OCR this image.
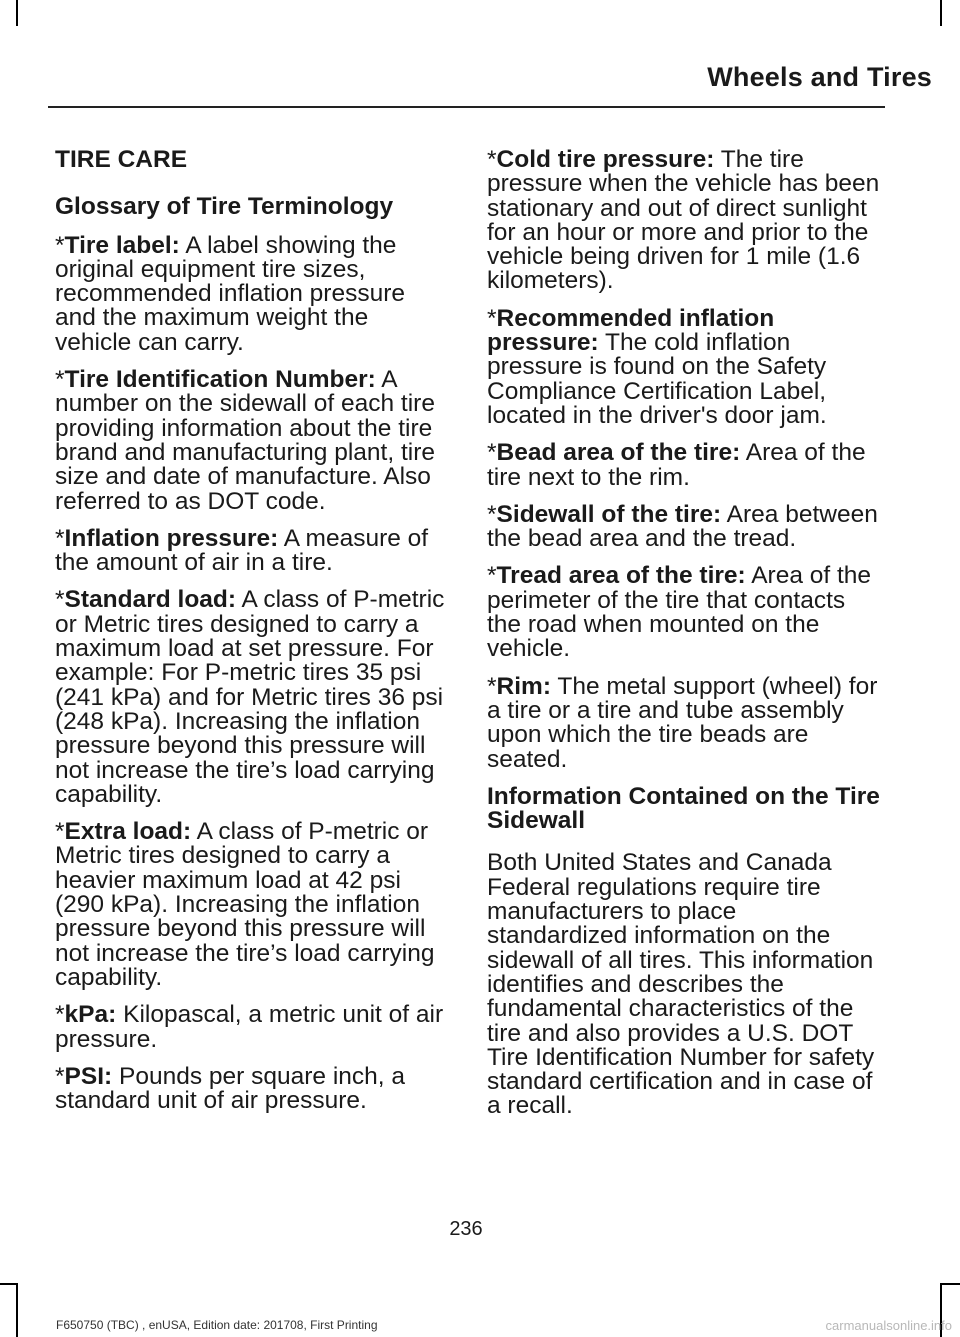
Wheels and Tires
TIRE CARE
Glossary of Tire Terminology

*Tire label: A label showing the original equipment tire sizes, recommended inflation pressure and the maximum weight the vehicle can carry.

*Tire Identification Number: A number on the sidewall of each tire providing information about the tire brand and manufacturing plant, tire size and date of manufacture. Also referred to as DOT code.

*Inflation pressure: A measure of the amount of air in a tire.

*Standard load: A class of P-metric or Metric tires designed to carry a maximum load at set pressure. For example: For P-metric tires 35 psi (241 kPa) and for Metric tires 36 psi (248 kPa). Increasing the inflation pressure beyond this pressure will not increase the tire’s load carrying capability.

*Extra load: A class of P-metric or Metric tires designed to carry a heavier maximum load at 42 psi (290 kPa). Increasing the inflation pressure beyond this pressure will not increase the tire’s load carrying capability.

*kPa: Kilopascal, a metric unit of air pressure.

*PSI: Pounds per square inch, a standard unit of air pressure.

*Cold tire pressure: The tire pressure when the vehicle has been stationary and out of direct sunlight for an hour or more and prior to the vehicle being driven for 1 mile (1.6 kilometers).

*Recommended inflation pressure: The cold inflation pressure is found on the Safety Compliance Certification Label, located in the driver's door jam.

*Bead area of the tire: Area of the tire next to the rim.

*Sidewall of the tire: Area between the bead area and the tread.

*Tread area of the tire: Area of the perimeter of the tire that contacts the road when mounted on the vehicle.

*Rim: The metal support (wheel) for a tire or a tire and tube assembly upon which the tire beads are seated.

Information Contained on the Tire Sidewall

Both United States and Canada Federal regulations require tire manufacturers to place standardized information on the sidewall of all tires. This information identifies and describes the fundamental characteristics of the tire and also provides a U.S. DOT Tire Identification Number for safety standard certification and in case of a recall.

236
F650750 (TBC) , enUSA, Edition date: 201708, First Printing	carmanualsonline.info
